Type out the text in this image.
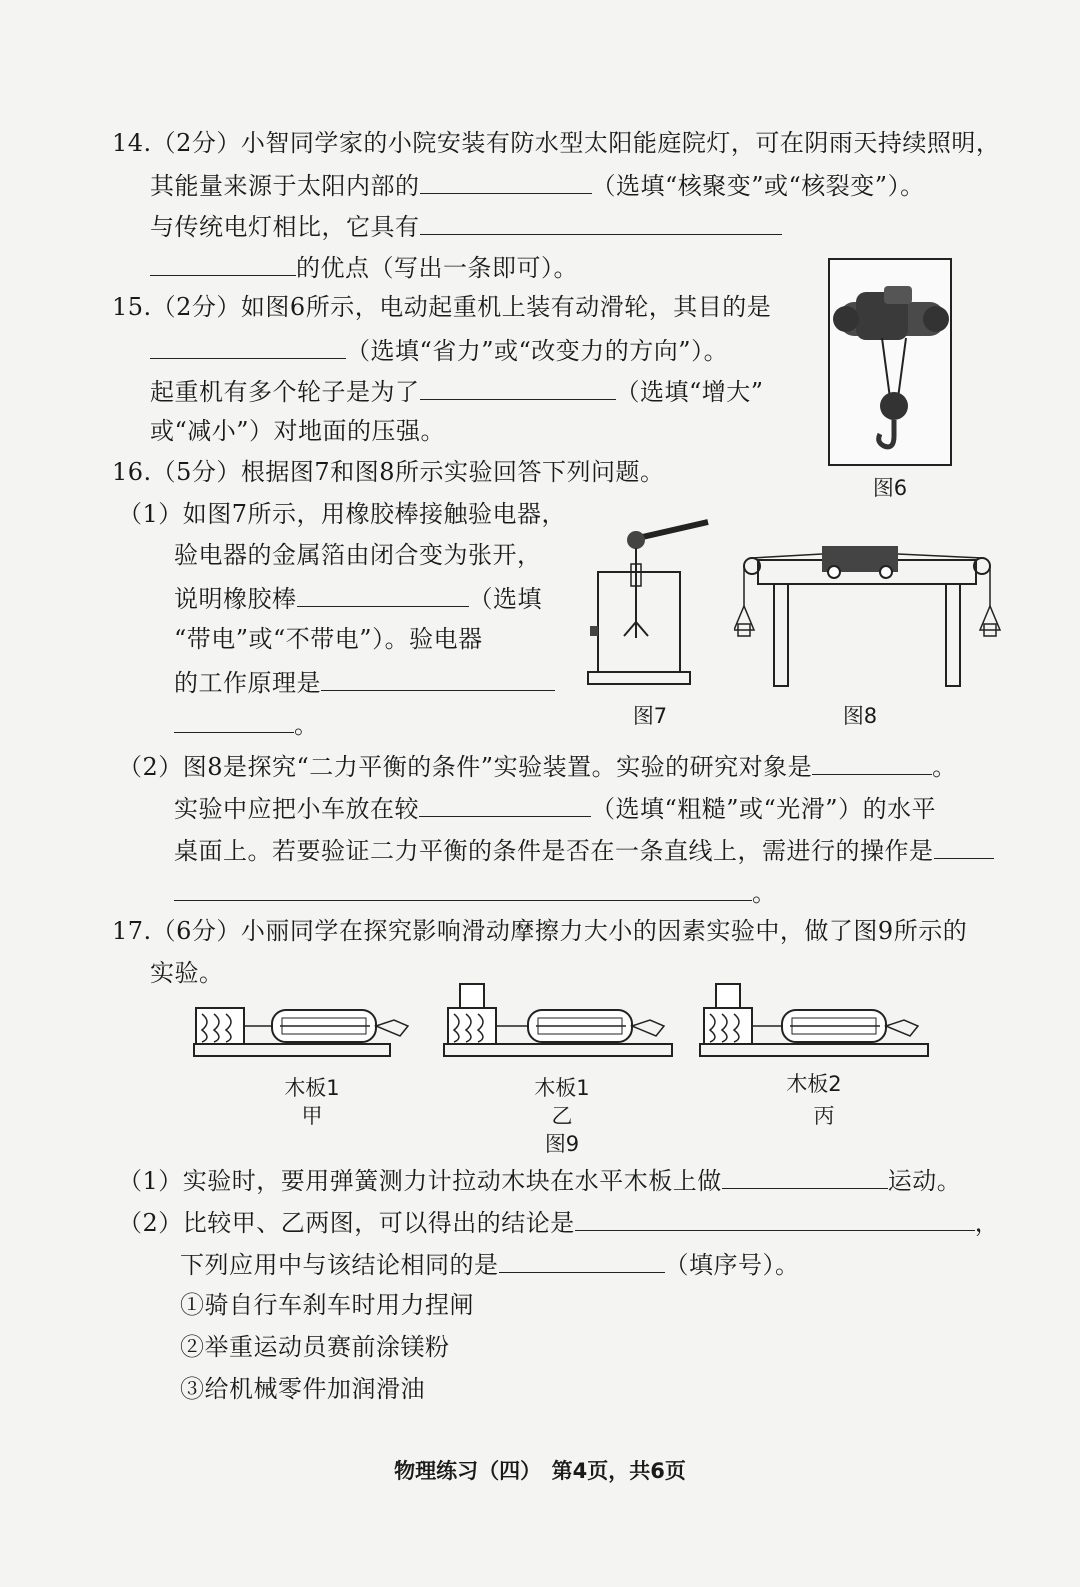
14.（2分）小智同学家的小院安装有防水型太阳能庭院灯，可在阴雨天持续照明，
其能量来源于太阳内部的	（选填“核聚变”或“核裂变”）。
与传统电灯相比，它具有
的优点（写出一条即可）。
15.（2分）如图6所示，电动起重机上装有动滑轮，其目的是
（选填“省力”或“改变力的方向”）。
起重机有多个轮子是为了	（选填“增大”
或“减小”）对地面的压强。
图6
16.（5分）根据图7和图8所示实验回答下列问题。
（1）如图7所示，用橡胶棒接触验电器，
验电器的金属箔由闭合变为张开，
说明橡胶棒	（选填
“带电”或“不带电”）。验电器
的工作原理是
。	图7	图8
（2）图8是探究“二力平衡的条件”实验装置。实验的研究对象是	。
实验中应把小车放在较	（选填“粗糙”或“光滑”）的水平
桌面上。若要验证二力平衡的条件是否在一条直线上，需进行的操作是
。
17.（6分）小丽同学在探究影响滑动摩擦力大小的因素实验中，做了图9所示的
实验。
木板1
甲
木板1
乙
木板2
丙
图9
（1）实验时，要用弹簧测力计拉动木块在水平木板上做	运动。
（2）比较甲、乙两图，可以得出的结论是	，
下列应用中与该结论相同的是	（填序号）。
①骑自行车刹车时用力捏闸
②举重运动员赛前涂镁粉
③给机械零件加润滑油
物理练习（四）　第4页，共6页
